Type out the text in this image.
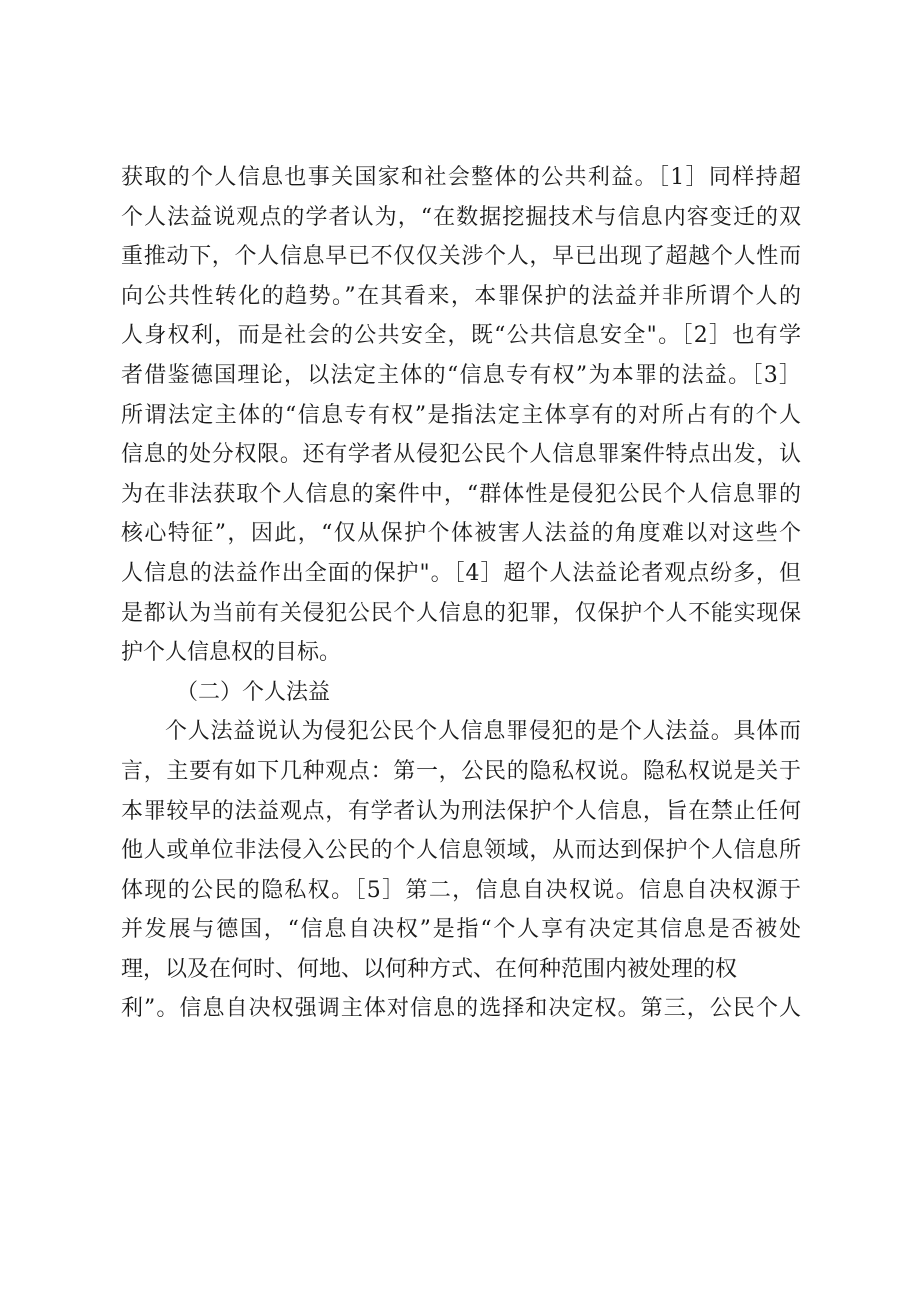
获取的个人信息也事关国家和社会整体的公共利益。［1］同样持超
个人法益说观点的学者认为，“在数据挖掘技术与信息内容变迁的双
重推动下，个人信息早已不仅仅关涉个人，早已出现了超越个人性而
向公共性转化的趋势。”在其看来，本罪保护的法益并非所谓个人的
人身权利，而是社会的公共安全，既“公共信息安全"。［2］也有学
者借鉴德国理论，以法定主体的“信息专有权”为本罪的法益。［3］
所谓法定主体的“信息专有权”是指法定主体享有的对所占有的个人
信息的处分权限。还有学者从侵犯公民个人信息罪案件特点出发，认
为在非法获取个人信息的案件中，“群体性是侵犯公民个人信息罪的
核心特征”，因此，“仅从保护个体被害人法益的角度难以对这些个
人信息的法益作出全面的保护"。［4］超个人法益论者观点纷多，但
是都认为当前有关侵犯公民个人信息的犯罪，仅保护个人不能实现保
护个人信息权的目标。
（二）个人法益
个人法益说认为侵犯公民个人信息罪侵犯的是个人法益。具体而
言，主要有如下几种观点：第一，公民的隐私权说。隐私权说是关于
本罪较早的法益观点，有学者认为刑法保护个人信息，旨在禁止任何
他人或单位非法侵入公民的个人信息领域，从而达到保护个人信息所
体现的公民的隐私权。［5］第二，信息自决权说。信息自决权源于
并发展与德国，“信息自决权”是指“个人享有决定其信息是否被处
理，以及在何时、何地、以何种方式、在何种范围内被处理的权
利”。信息自决权强调主体对信息的选择和决定权。第三，公民个人
